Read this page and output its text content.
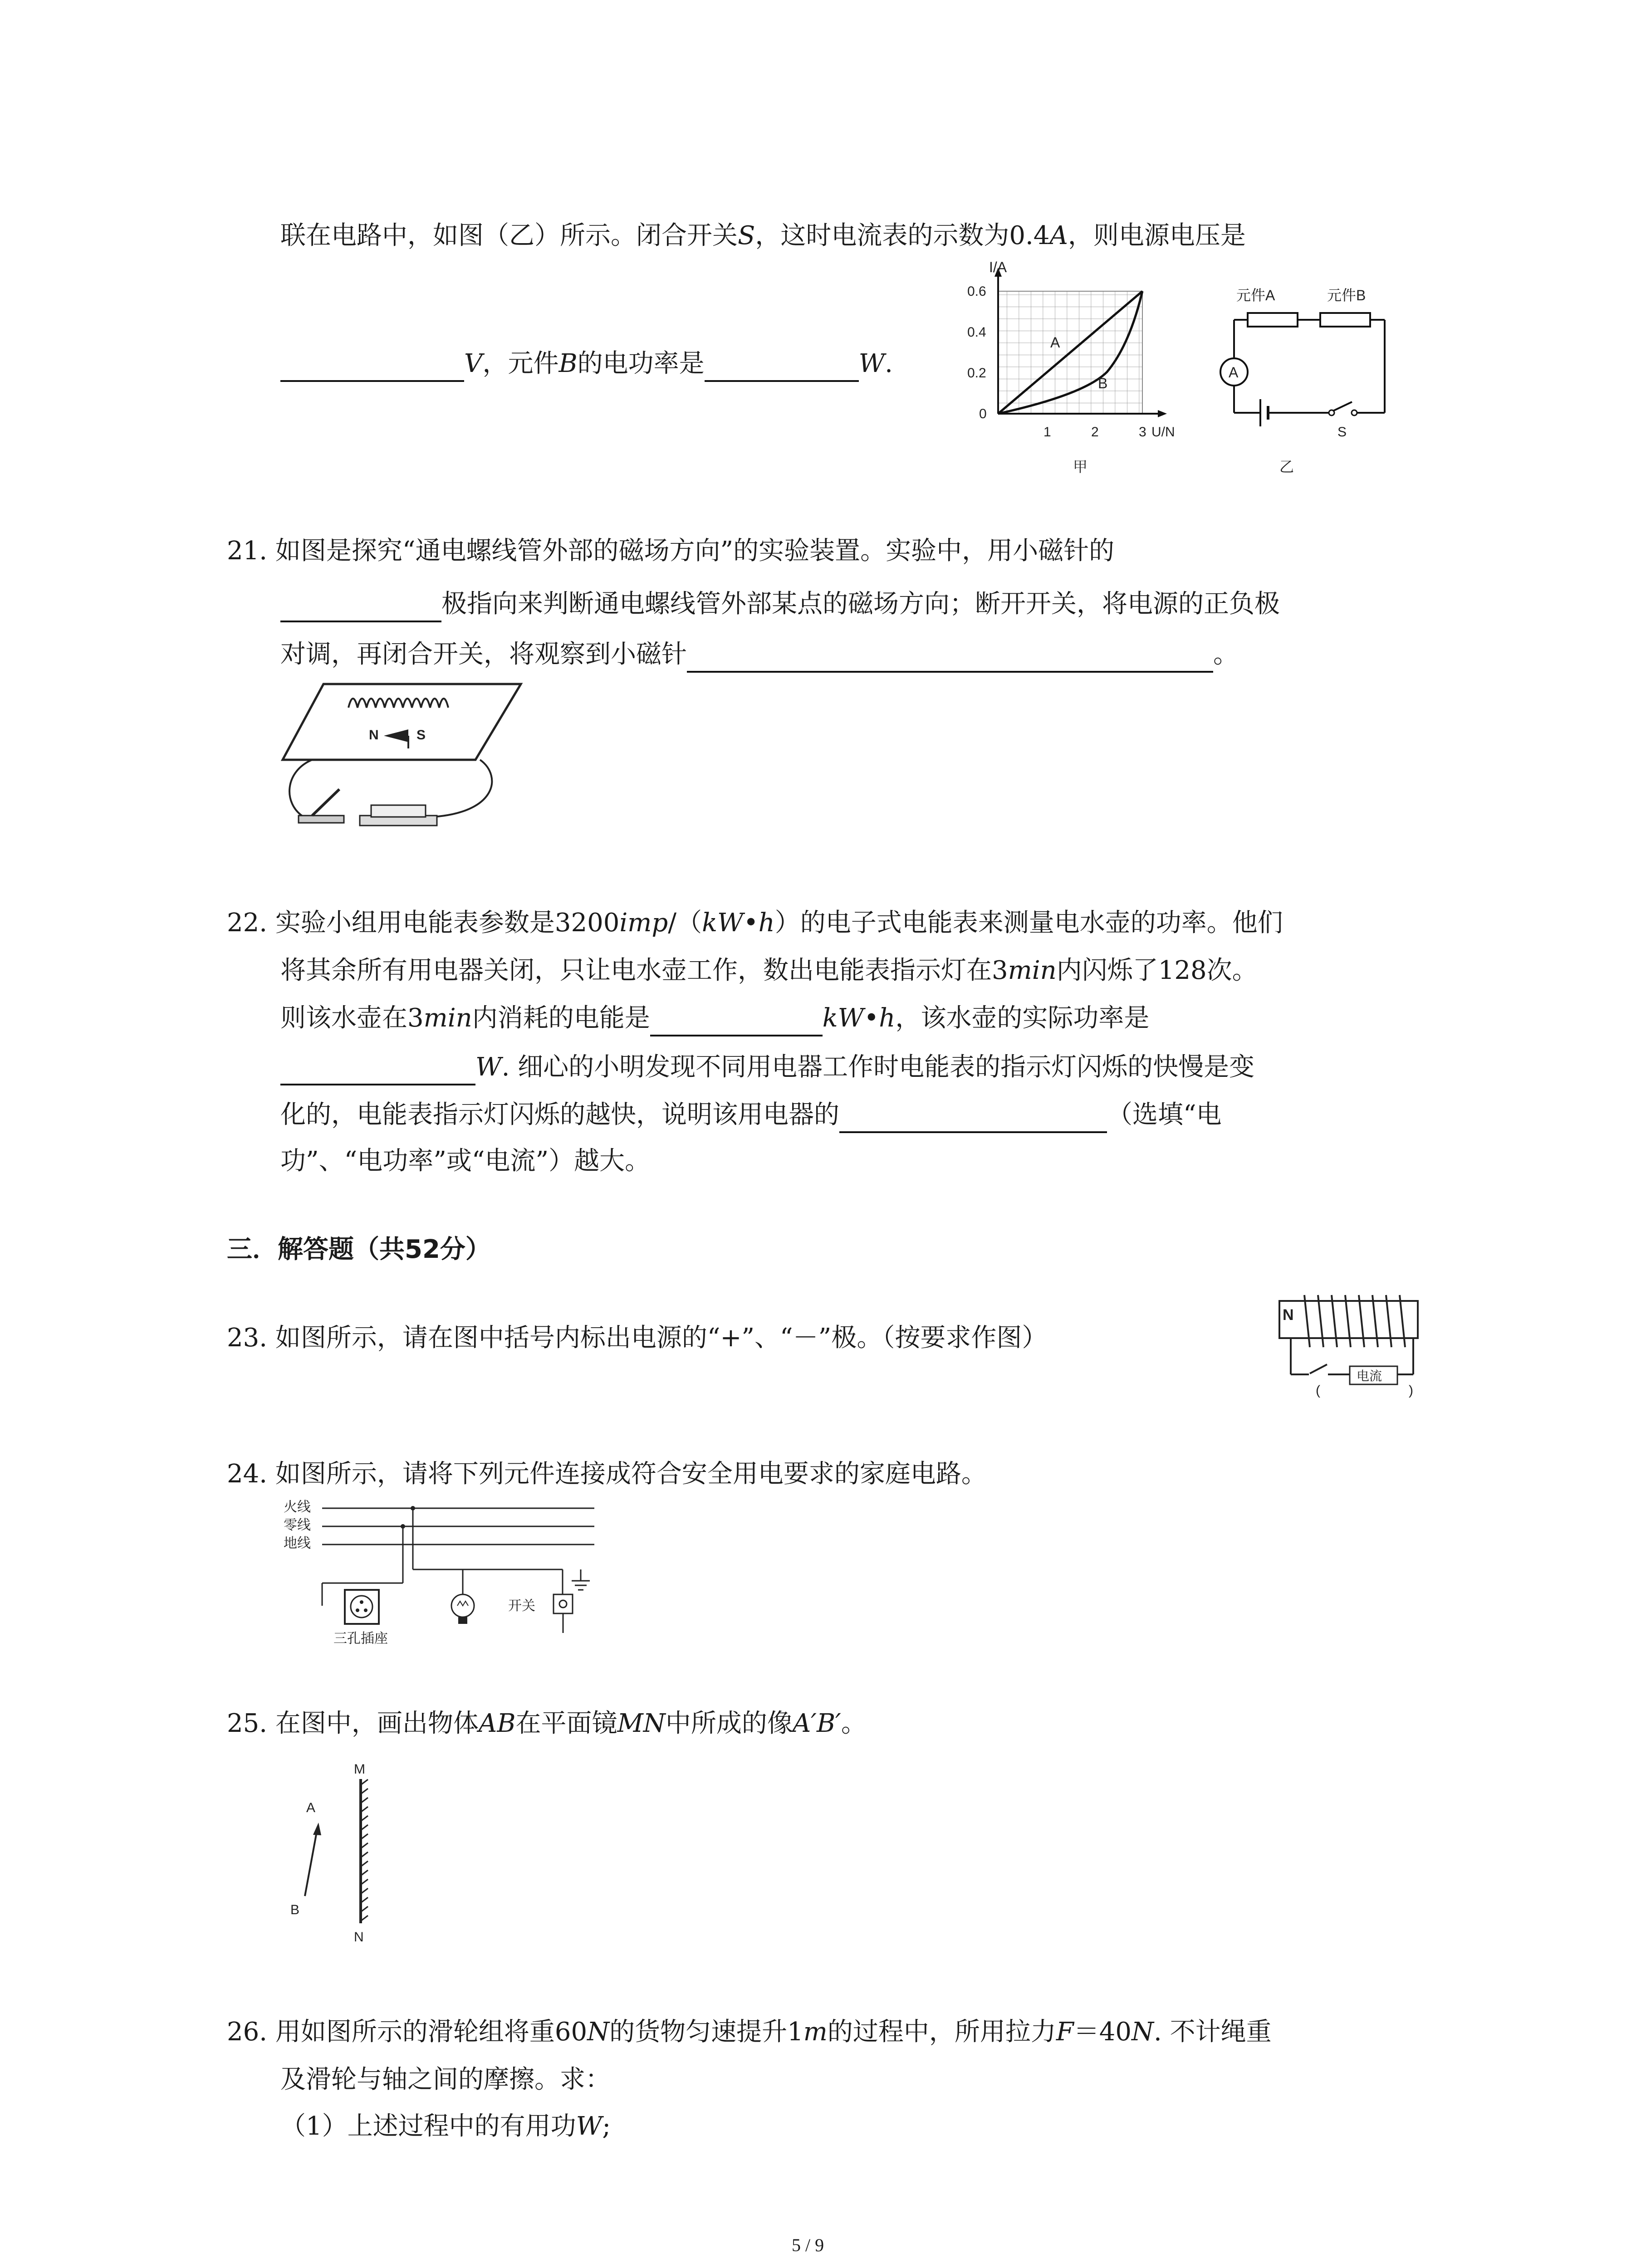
联在电路中，如图（乙）所示。闭合开关S，这时电流表的示数为0.4A，则电源电压是
V，元件B的电功率是	W.
I/A
0.6
0.4
0.2
0
1	2	3 U/N
A
B
甲
元件A	元件B
A
S
乙
21. 如图是探究“通电螺线管外部的磁场方向”的实验装置。实验中，用小磁针的
极指向来判断通电螺线管外部某点的磁场方向；断开开关，将电源的正负极
对调，再闭合开关，将观察到小磁针	。
N	S
22. 实验小组用电能表参数是3200imp/（kW•h）的电子式电能表来测量电水壶的功率。他们
将其余所有用电器关闭，只让电水壶工作，数出电能表指示灯在3min内闪烁了128次。
则该水壶在3min内消耗的电能是	kW•h，该水壶的实际功率是
W. 细心的小明发现不同用电器工作时电能表的指示灯闪烁的快慢是变
化的，电能表指示灯闪烁的越快，说明该用电器的	（选填“电
功”、“电功率”或“电流”）越大。
三．解答题（共52分）
23. 如图所示，请在图中括号内标出电源的“+”、“－”极。（按要求作图）
N
电流
(	)
24. 如图所示，请将下列元件连接成符合安全用电要求的家庭电路。
火线
零线
地线
三孔插座
开关
25. 在图中，画出物体AB在平面镜MN中所成的像A′B′。
M
N
A
B
26. 用如图所示的滑轮组将重60N的货物匀速提升1m的过程中，所用拉力F＝40N. 不计绳重
及滑轮与轴之间的摩擦。求：
（1）上述过程中的有用功W;
5 / 9
